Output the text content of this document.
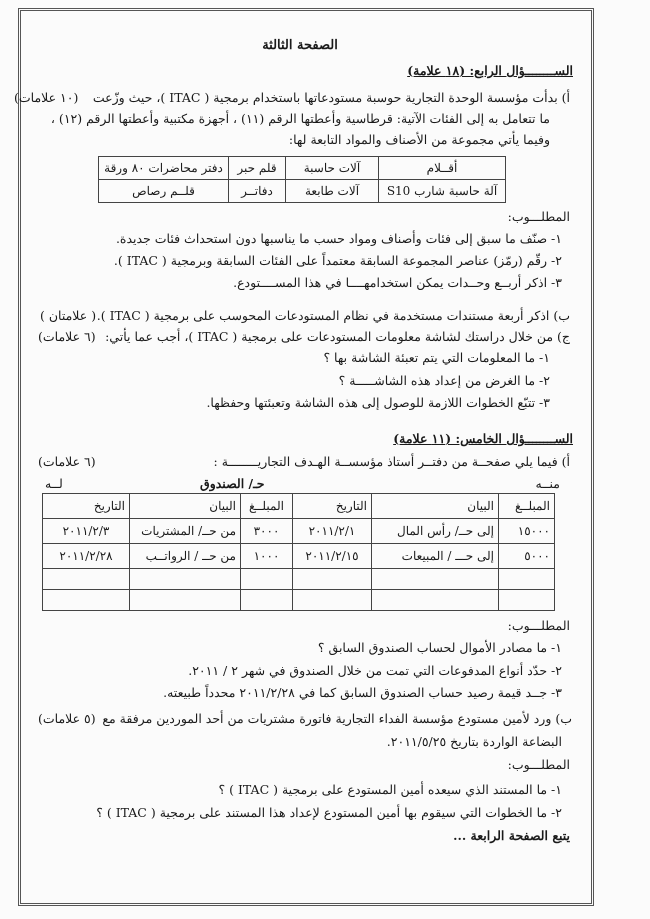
الصفحة الثالثة
الســــــــؤال الرابع: (١٨ علامة)
أ) بدأت مؤسسة الوحدة التجارية حوسبة مستودعاتها باستخدام برمجية ( ITAC )، حيث وزّعت
(١٠ علامات)
ما تتعامل به إلى الفئات الآتية: قرطاسية وأعطتها الرقم (١١) ، أجهزة مكتبية وأعطتها الرقم (١٢) ،
وفيما يأتي مجموعة من الأصناف والمواد التابعة لها:
أقــلام	آلات حاسبة	قلم حبر	دفتر محاضرات ٨٠ ورقة
آلة حاسبة شارب S10	آلات طابعة	دفاتــر	قلــم رصاص
المطلـــوب:
١- صنّف ما سبق إلى فئات وأصناف ومواد حسب ما يناسبها دون استحداث فئات جديدة.
٢- رقّم (رمّز) عناصر المجموعة السابقة معتمداً على الفئات السابقة وبرمجية ( ITAC ).
٣- اذكر أربــع وحــدات يمكن استخدامهــــا في هذا المســــتودع.
ب) اذكر أربعة مستندات مستخدمة في نظام المستودعات المحوسب على برمجية ( ITAC ).
( علامتان )
ج) من خلال دراستك لشاشة معلومات المستودعات على برمجية ( ITAC )، أجب عما يأتي:
(٦ علامات)
١- ما المعلومات التي يتم تعبئة الشاشة بها ؟
٢- ما الغرض من إعداد هذه الشاشـــــة ؟
٣- تتبّع الخطوات اللازمة للوصول إلى هذه الشاشة وتعبئتها وحفظها.
الســــــــؤال الخامس: (١١ علامة)
أ) فيما يلي صفحــة من دفتــر أستاذ مؤسســة الهـدف التجاريــــــــة :
(٦ علامات)
منــه
حـ/ الصندوق
لــه
المبلــغ	البيان	التاريخ	المبلــغ	البيان	التاريخ
١٥٠٠٠	إلى حــ/ رأس المال	٢٠١١/٢/١	٣٠٠٠	من حــ/ المشتريات	٢٠١١/٢/٣
٥٠٠٠	إلى حـــ / المبيعات	٢٠١١/٢/١٥	١٠٠٠	من حــ / الرواتــب	٢٠١١/٢/٢٨

المطلـــوب:
١- ما مصادر الأموال لحساب الصندوق السابق ؟
٢- حدّد أنواع المدفوعات التي تمت من خلال الصندوق في شهر ٢ / ٢٠١١.
٣- جــد قيمة رصيد حساب الصندوق السابق كما في ٢٠١١/٢/٢٨ محدداً طبيعته.
ب) ورد لأمين مستودع مؤسسة الفداء التجارية فاتورة مشتريات من أحد الموردين مرفقة مع
(٥ علامات)
البضاعة الواردة بتاريخ ٢٠١١/٥/٢٥.
المطلـــوب:
١- ما المستند الذي سيعده أمين المستودع على برمجية ( ITAC ) ؟
٢- ما الخطوات التي سيقوم بها أمين المستودع لإعداد هذا المستند على برمجية ( ITAC ) ؟
يتبع الصفحة الرابعة ...
